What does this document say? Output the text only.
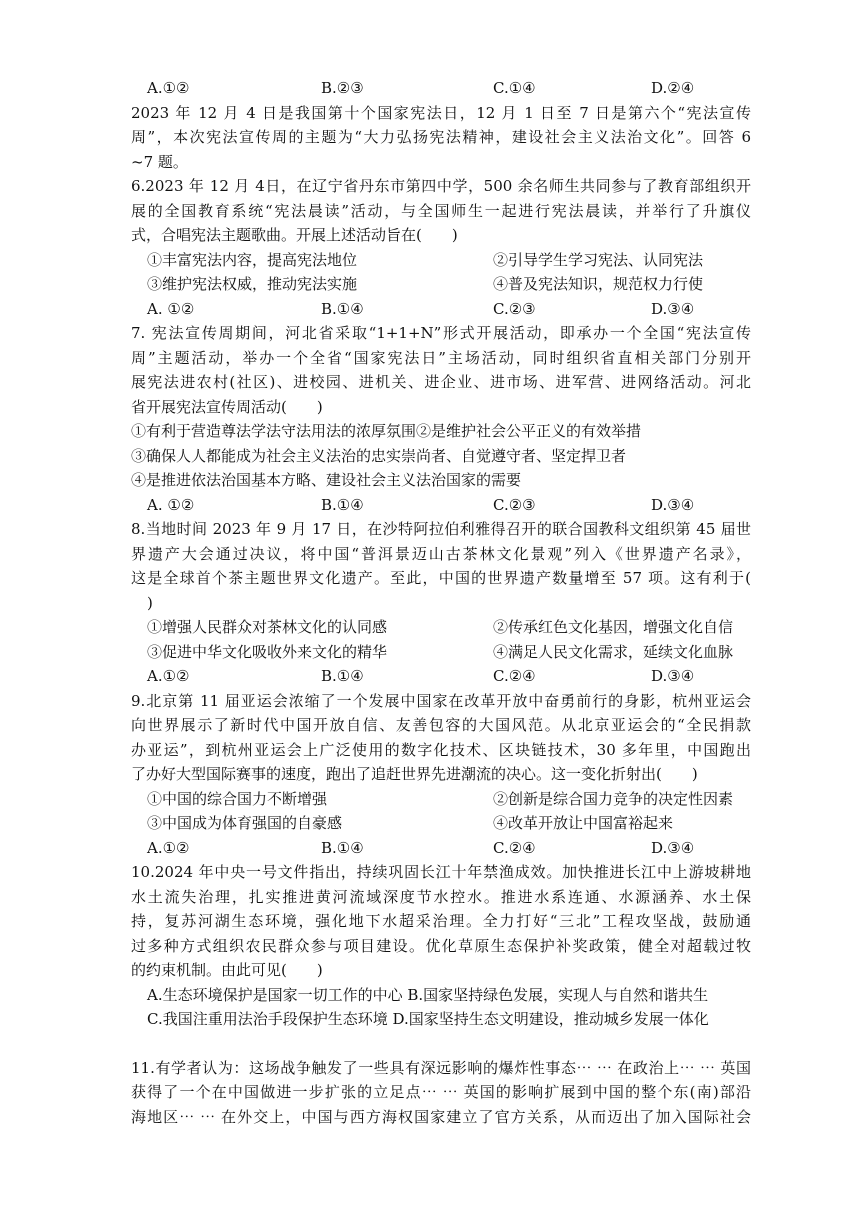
A.①②	B.②③	C.①④	D.②④
2023 年 12 月 4 日是我国第十个国家宪法日，12 月 1 日至 7 日是第六个“宪法宣传
周”，本次宪法宣传周的主题为“大力弘扬宪法精神，建设社会主义法治文化”。回答 6
~7 题。
6.2023 年 12 月 4日，在辽宁省丹东市第四中学，500 余名师生共同参与了教育部组织开
展的全国教育系统“宪法晨读”活动，与全国师生一起进行宪法晨读，并举行了升旗仪
式，合唱宪法主题歌曲。开展上述活动旨在(　　)
①丰富宪法内容，提高宪法地位	②引导学生学习宪法、认同宪法
③维护宪法权威，推动宪法实施	④普及宪法知识，规范权力行使
A. ①②	B.①④	C.②③	D.③④
7. 宪法宣传周期间，河北省采取“1+1+N”形式开展活动，即承办一个全国“宪法宣传
周”主题活动，举办一个全省“国家宪法日”主场活动，同时组织省直相关部门分别开
展宪法进农村(社区)、进校园、进机关、进企业、进市场、进军营、进网络活动。河北
省开展宪法宣传周活动(　　)
①有利于营造尊法学法守法用法的浓厚氛围②是维护社会公平正义的有效举措
③确保人人都能成为社会主义法治的忠实崇尚者、自觉遵守者、坚定捍卫者
④是推进依法治国基本方略、建设社会主义法治国家的需要
A. ①②	B.①④	C.②③	D.③④
8.当地时间 2023 年 9 月 17 日，在沙特阿拉伯利雅得召开的联合国教科文组织第 45 届世
界遗产大会通过决议，将中国“普洱景迈山古茶林文化景观”列入《世界遗产名录》，
这是全球首个茶主题世界文化遗产。至此，中国的世界遗产数量增至 57 项。这有利于(
)
①增强人民群众对茶林文化的认同感	②传承红色文化基因，增强文化自信
③促进中华文化吸收外来文化的精华	④满足人民文化需求，延续文化血脉
A.①②	B.①④	C.②④	D.③④
9.北京第 11 届亚运会浓缩了一个发展中国家在改革开放中奋勇前行的身影，杭州亚运会
向世界展示了新时代中国开放自信、友善包容的大国风范。从北京亚运会的“全民捐款
办亚运”，到杭州亚运会上广泛使用的数字化技术、区块链技术，30 多年里，中国跑出
了办好大型国际赛事的速度，跑出了追赶世界先进潮流的决心。这一变化折射出(　　)
①中国的综合国力不断增强	②创新是综合国力竞争的决定性因素
③中国成为体育强国的自豪感	④改革开放让中国富裕起来
A.①②	B.①④	C.②④	D.③④
10.2024 年中央一号文件指出，持续巩固长江十年禁渔成效。加快推进长江中上游坡耕地
水土流失治理，扎实推进黄河流域深度节水控水。推进水系连通、水源涵养、水土保
持，复苏河湖生态环境，强化地下水超采治理。全力打好“三北”工程攻坚战，鼓励通
过多种方式组织农民群众参与项目建设。优化草原生态保护补奖政策，健全对超载过牧
的约束机制。由此可见(　　)
A.生态环境保护是国家一切工作的中心 B.国家坚持绿色发展，实现人与自然和谐共生
C.我国注重用法治手段保护生态环境 D.国家坚持生态文明建设，推动城乡发展一体化
11.有学者认为：这场战争触发了一些具有深远影响的爆炸性事态⋯ ⋯ 在政治上⋯ ⋯ 英国
获得了一个在中国做进一步扩张的立足点⋯ ⋯ 英国的影响扩展到中国的整个东(南)部沿
海地区⋯ ⋯ 在外交上，中国与西方海权国家建立了官方关系，从而迈出了加入国际社会
